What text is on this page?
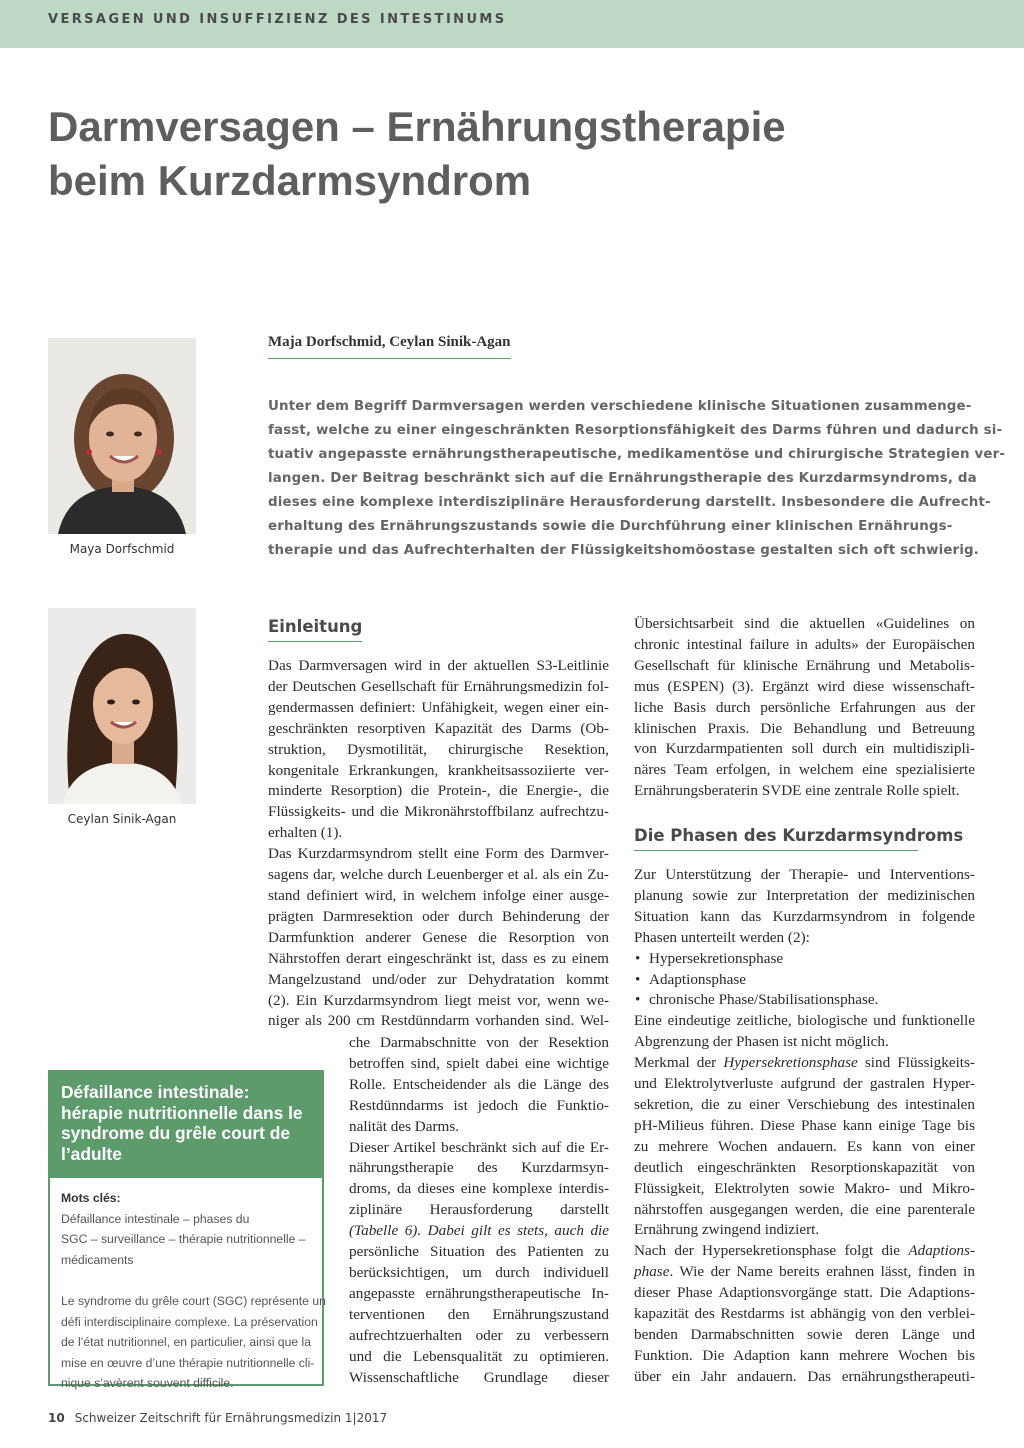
VERSAGEN UND INSUFFIZIENZ DES INTESTINUMS
Darmversagen – Ernährungstherapie
beim Kurzdarmsyndrom
Maya Dorfschmid
Ceylan Sinik-Agan
Maja Dorfschmid, Ceylan Sinik-Agan
Unter dem Begriff Darmversagen werden verschiedene klinische Situationen zusammenge-
fasst, welche zu einer eingeschränkten Resorptionsfähigkeit des Darms führen und dadurch si-
tuativ angepasste ernährungstherapeutische, medikamentöse und chirurgische Strategien ver-
langen. Der Beitrag beschränkt sich auf die Ernährungstherapie des Kurzdarmsyndroms, da
dieses eine komplexe interdisziplinäre Herausforderung darstellt. Insbesondere die Aufrecht-
erhaltung des Ernährungszustands sowie die Durchführung einer klinischen Ernährungs-
therapie und das Aufrechterhalten der Flüssigkeitshomöostase gestalten sich oft schwierig.
Einleitung
Das Darmversagen wird in der aktuellen S3-Leitlinie
der Deutschen Gesellschaft für Ernährungsmedizin fol-
gendermassen definiert: Unfähigkeit, wegen einer ein-
geschränkten resorptiven Kapazität des Darms (Ob-
struktion, Dysmotilität, chirurgische Resektion,
kongenitale Erkrankungen, krankheitsassoziierte ver-
minderte Resorption) die Protein-, die Energie-, die
Flüssigkeits- und die Mikronährstoffbilanz aufrechtzu-
erhalten (1).
Das Kurzdarmsyndrom stellt eine Form des Darmver-
sagens dar, welche durch Leuenberger et al. als ein Zu-
stand definiert wird, in welchem infolge einer ausge-
prägten Darmresektion oder durch Behinderung der
Darmfunktion anderer Genese die Resorption von
Nährstoffen derart eingeschränkt ist, dass es zu einem
Mangelzustand und/oder zur Dehydratation kommt
(2). Ein Kurzdarmsyndrom liegt meist vor, wenn we-
niger als 200 cm Restdünndarm vorhanden sind. Wel-
che Darmabschnitte von der Resektion
betroffen sind, spielt dabei eine wichtige
Rolle. Entscheidender als die Länge des
Restdünndarms ist jedoch die Funktio-
nalität des Darms.
Dieser Artikel beschränkt sich auf die Er-
nährungstherapie des Kurzdarmsyn-
droms, da dieses eine komplexe interdis-
ziplinäre Herausforderung darstellt
(Tabelle 6). Dabei gilt es stets, auch die
persönliche Situation des Patienten zu
berücksichtigen, um durch individuell
angepasste ernährungstherapeutische In-
terventionen den Ernährungszustand
aufrechtzuerhalten oder zu verbessern
und die Lebensqualität zu optimieren.
Wissenschaftliche Grundlage dieser
Übersichtsarbeit sind die aktuellen «Guidelines on
chronic intestinal failure in adults» der Europäischen
Gesellschaft für klinische Ernährung und Metabolis-
mus (ESPEN) (3). Ergänzt wird diese wissenschaft-
liche Basis durch persönliche Erfahrungen aus der
klinischen Praxis. Die Behandlung und Betreuung
von Kurzdarmpatienten soll durch ein multidiszipli-
näres Team erfolgen, in welchem eine spezialisierte
Ernährungsberaterin SVDE eine zentrale Rolle spielt.
Die Phasen des Kurzdarmsyndroms
Zur Unterstützung der Therapie- und Interventions-
planung sowie zur Interpretation der medizinischen
Situation kann das Kurzdarmsyndrom in folgende
Phasen unterteilt werden (2):
• Hypersekretionsphase
• Adaptionsphase
• chronische Phase/Stabilisationsphase.
Eine eindeutige zeitliche, biologische und funktionelle
Abgrenzung der Phasen ist nicht möglich.
Merkmal der Hypersekretionsphase sind Flüssigkeits-
und Elektrolytverluste aufgrund der gastralen Hyper-
sekretion, die zu einer Verschiebung des intestinalen
pH-Milieus führen. Diese Phase kann einige Tage bis
zu mehrere Wochen andauern. Es kann von einer
deutlich eingeschränkten Resorptionskapazität von
Flüssigkeit, Elektrolyten sowie Makro- und Mikro-
nährstoffen ausgegangen werden, die eine parenterale
Ernährung zwingend indiziert.
Nach der Hypersekretionsphase folgt die Adaptions-
phase. Wie der Name bereits erahnen lässt, finden in
dieser Phase Adaptionsvorgänge statt. Die Adaptions-
kapazität des Restdarms ist abhängig von den verblei-
benden Darmabschnitten sowie deren Länge und
Funktion. Die Adaption kann mehrere Wochen bis
über ein Jahr andauern. Das ernährungstherapeuti-
Défaillance intestinale:
hérapie nutritionnelle dans le
syndrome du grêle court de
l’adulte
Mots clés:
Défaillance intestinale – phases du
SGC – surveillance – thérapie nutritionnelle –
médicaments
Le syndrome du grêle court (SGC) représente un
défi interdisciplinaire complexe. La préservation
de l’état nutritionnel, en particulier, ainsi que la
mise en œuvre d’une thérapie nutritionnelle cli-
nique s’avèrent souvent difficile.
10 Schweizer Zeitschrift für Ernährungsmedizin 1|2017
